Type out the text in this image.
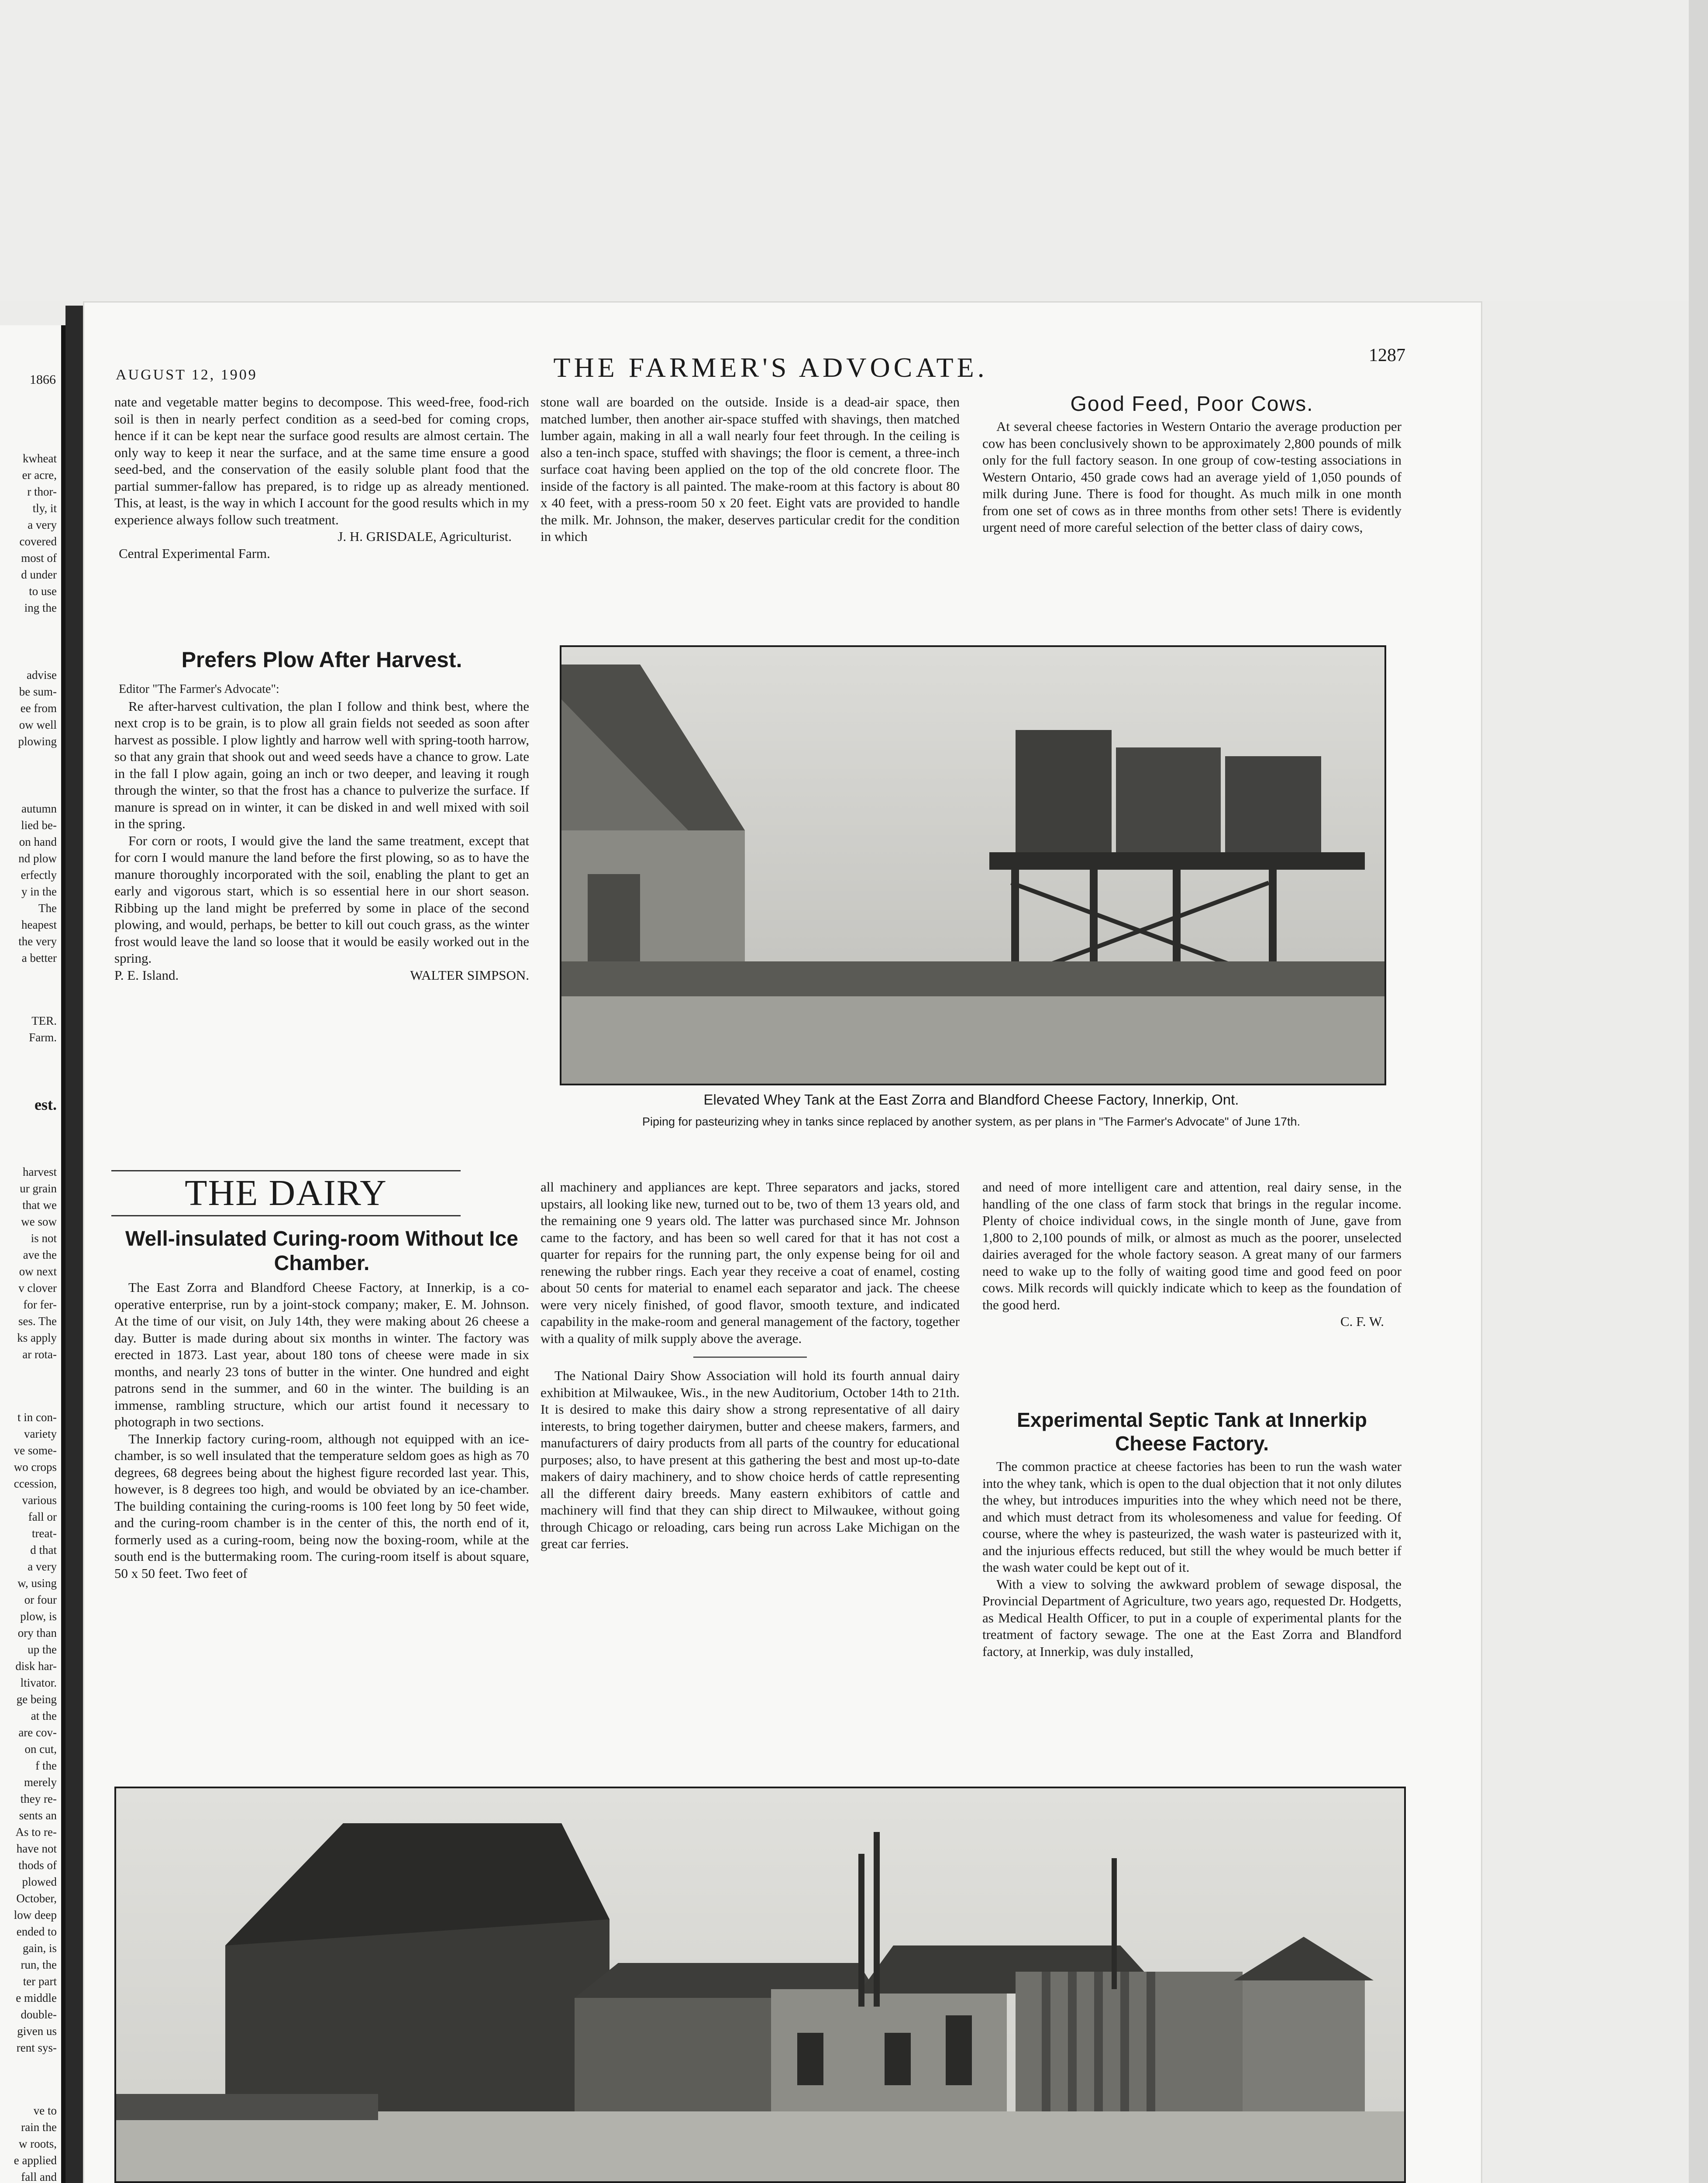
1866

kwheat
er acre,
r thor-
tly, it
a very
covered
most of
d under
to use
ing the

advise
be sum-
ee from
ow well
plowing

autumn
lied be-
on hand
nd plow
erfectly
y in the
The
heapest
the very
a better

TER.
Farm.

est.

harvest
ur grain
that we
we sow
is not
ave the
ow next
v clover
for fer-
ses. The
ks apply
ar rota-

t in con-
variety
ve some-
wo crops
ccession,
various
fall or
treat-
d that
a very
w, using
or four
plow, is
ory than
up the
disk har-
ltivator.
ge being
at the
are cov-
on cut,
f the
merely
they re-
sents an
As to re-
have not
thods of
plowed
October,
low deep
ended to
gain, is
run, the
ter part
e middle
double-
given us
rent sys-

ve to
rain the
w roots,
e applied
fall and

AUGUST 12, 1909	THE FARMER'S ADVOCATE.	1287

nate and vegetable matter begins to decompose. This weed-free, food-rich soil is then in nearly perfect condition as a seed-bed for coming crops, hence if it can be kept near the surface good results are almost certain. The only way to keep it near the surface, and at the same time ensure a good seed-bed, and the conservation of the easily soluble plant food that the partial summer-fallow has prepared, is to ridge up as already mentioned. This, at least, is the way in which I account for the good results which in my experience always follow such treatment.

J. H. GRISDALE, Agriculturist.

Central Experimental Farm.

Prefers Plow After Harvest.

Editor "The Farmer's Advocate":

Re after-harvest cultivation, the plan I follow and think best, where the next crop is to be grain, is to plow all grain fields not seeded as soon after harvest as possible. I plow lightly and harrow well with spring-tooth harrow, so that any grain that shook out and weed seeds have a chance to grow. Late in the fall I plow again, going an inch or two deeper, and leaving it rough through the winter, so that the frost has a chance to pulverize the surface. If manure is spread on in winter, it can be disked in and well mixed with soil in the spring.

For corn or roots, I would give the land the same treatment, except that for corn I would manure the land before the first plowing, so as to have the manure thoroughly incorporated with the soil, enabling the plant to get an early and vigorous start, which is so essential here in our short season. Ribbing up the land might be preferred by some in place of the second plowing, and would, perhaps, be better to kill out couch grass, as the winter frost would leave the land so loose that it would be easily worked out in the spring.

P. E. Island.	WALTER SIMPSON.
THE DAIRY
Well-insulated Curing-room Without Ice Chamber.

The East Zorra and Blandford Cheese Factory, at Innerkip, is a co-operative enterprise, run by a joint-stock company; maker, E. M. Johnson. At the time of our visit, on July 14th, they were making about 26 cheese a day. Butter is made during about six months in winter. The factory was erected in 1873. Last year, about 180 tons of cheese were made in six months, and nearly 23 tons of butter in the winter. One hundred and eight patrons send in the summer, and 60 in the winter. The building is an immense, rambling structure, which our artist found it necessary to photograph in two sections.

The Innerkip factory curing-room, although not equipped with an ice-chamber, is so well insulated that the temperature seldom goes as high as 70 degrees, 68 degrees being about the highest figure recorded last year. This, however, is 8 degrees too high, and would be obviated by an ice-chamber. The building containing the curing-rooms is 100 feet long by 50 feet wide, and the curing-room chamber is in the center of this, the north end of it, formerly used as a curing-room, being now the boxing-room, while at the south end is the buttermaking room. The curing-room itself is about square, 50 x 50 feet. Two feet of

stone wall are boarded on the outside. Inside is a dead-air space, then matched lumber, then another air-space stuffed with shavings, then matched lumber again, making in all a wall nearly four feet through. In the ceiling is also a ten-inch space, stuffed with shavings; the floor is cement, a three-inch surface coat having been applied on the top of the old concrete floor. The inside of the factory is all painted. The make-room at this factory is about 80 x 40 feet, with a press-room 50 x 20 feet. Eight vats are provided to handle the milk. Mr. Johnson, the maker, deserves particular credit for the condition in which

Good Feed, Poor Cows.

At several cheese factories in Western Ontario the average production per cow has been conclusively shown to be approximately 2,800 pounds of milk only for the full factory season. In one group of cow-testing associations in Western Ontario, 450 grade cows had an average yield of 1,050 pounds of milk during June. There is food for thought. As much milk in one month from one set of cows as in three months from other sets! There is evidently urgent need of more careful selection of the better class of dairy cows,

Elevated Whey Tank at the East Zorra and Blandford Cheese Factory, Innerkip, Ont.
Piping for pasteurizing whey in tanks since replaced by another system, as per plans in "The Farmer's Advocate" of June 17th.

all machinery and appliances are kept. Three separators and jacks, stored upstairs, all looking like new, turned out to be, two of them 13 years old, and the remaining one 9 years old. The latter was purchased since Mr. Johnson came to the factory, and has been so well cared for that it has not cost a quarter for repairs for the running part, the only expense being for oil and renewing the rubber rings. Each year they receive a coat of enamel, costing about 50 cents for material to enamel each separator and jack. The cheese were very nicely finished, of good flavor, smooth texture, and indicated capability in the make-room and general management of the factory, together with a quality of milk supply above the average.

The National Dairy Show Association will hold its fourth annual dairy exhibition at Milwaukee, Wis., in the new Auditorium, October 14th to 21th. It is desired to make this dairy show a strong representative of all dairy interests, to bring together dairymen, butter and cheese makers, farmers, and manufacturers of dairy products from all parts of the country for educational purposes; also, to have present at this gathering the best and most up-to-date makers of dairy machinery, and to show choice herds of cattle representing all the different dairy breeds. Many eastern exhibitors of cattle and machinery will find that they can ship direct to Milwaukee, without going through Chicago or reloading, cars being run across Lake Michigan on the great car ferries.

and need of more intelligent care and attention, real dairy sense, in the handling of the one class of farm stock that brings in the regular income. Plenty of choice individual cows, in the single month of June, gave from 1,800 to 2,100 pounds of milk, or almost as much as the poorer, unselected dairies averaged for the whole factory season. A great many of our farmers need to wake up to the folly of waiting good time and good feed on poor cows. Milk records will quickly indicate which to keep as the foundation of the good herd.

C. F. W.

Experimental Septic Tank at Innerkip Cheese Factory.

The common practice at cheese factories has been to run the wash water into the whey tank, which is open to the dual objection that it not only dilutes the whey, but introduces impurities into the whey which need not be there, and which must detract from its wholesomeness and value for feeding. Of course, where the whey is pasteurized, the wash water is pasteurized with it, and the injurious effects reduced, but still the whey would be much better if the wash water could be kept out of it.

With a view to solving the awkward problem of sewage disposal, the Provincial Department of Agriculture, two years ago, requested Dr. Hodgetts, as Medical Health Officer, to put in a couple of experimental plants for the treatment of factory sewage. The one at the East Zorra and Blandford factory, at Innerkip, was duly installed,
